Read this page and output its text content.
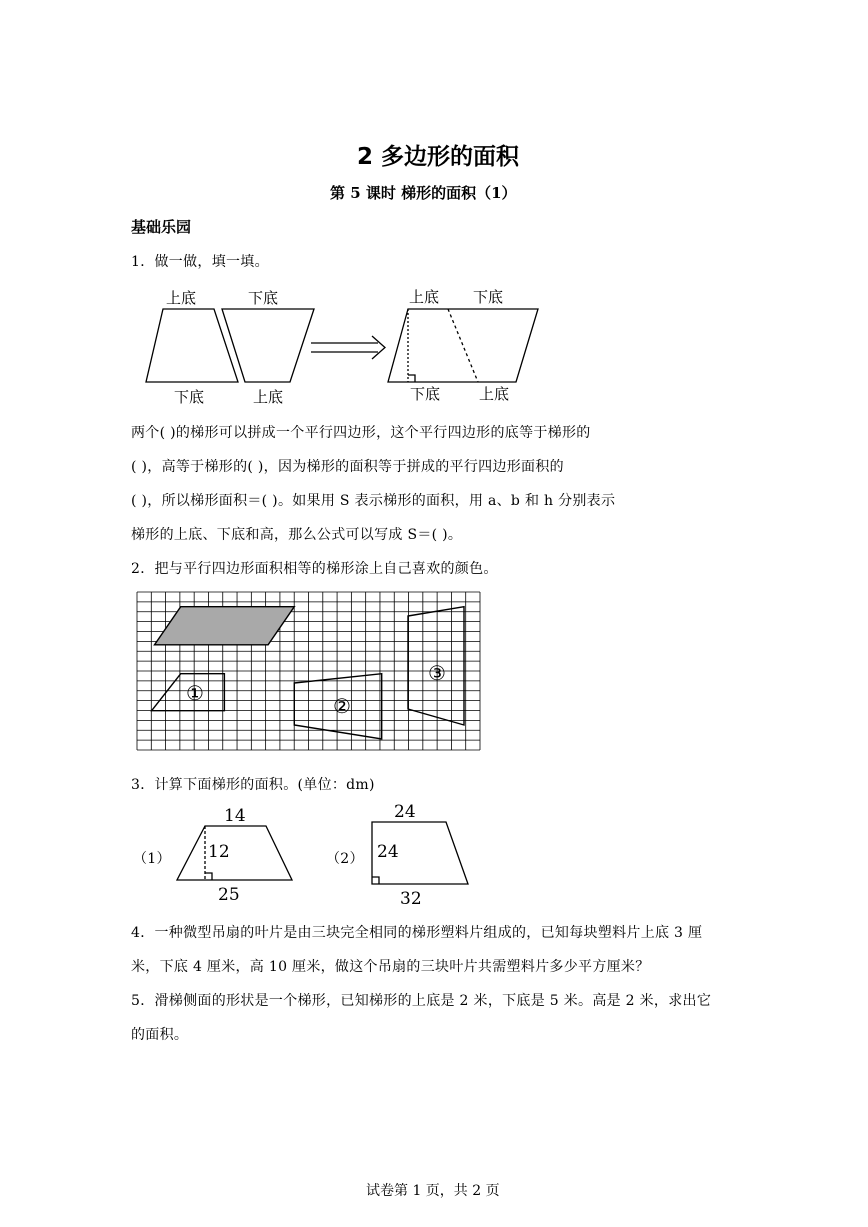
2 多边形的面积
第 5 课时 梯形的面积（1）
基础乐园
1．做一做，填一填。
上底	下底
下底	上底
上底 下底
下底	上底
两个( )的梯形可以拼成一个平行四边形，这个平行四边形的底等于梯形的
( )，高等于梯形的( )，因为梯形的面积等于拼成的平行四边形面积的
( )，所以梯形面积＝( )。如果用 S 表示梯形的面积，用 a、b 和 h 分别表示
梯形的上底、下底和高，那么公式可以写成 S＝( )。
2．把与平行四边形面积相等的梯形涂上自己喜欢的颜色。
①
②
③
3．计算下面梯形的面积。(单位：dm)
（1）
14
12
25
（2）
24
24
32
4．一种微型吊扇的叶片是由三块完全相同的梯形塑料片组成的，已知每块塑料片上底 3 厘
米，下底 4 厘米，高 10 厘米，做这个吊扇的三块叶片共需塑料片多少平方厘米？
5．滑梯侧面的形状是一个梯形，已知梯形的上底是 2 米，下底是 5 米。高是 2 米，求出它
的面积。
试卷第 1 页，共 2 页
